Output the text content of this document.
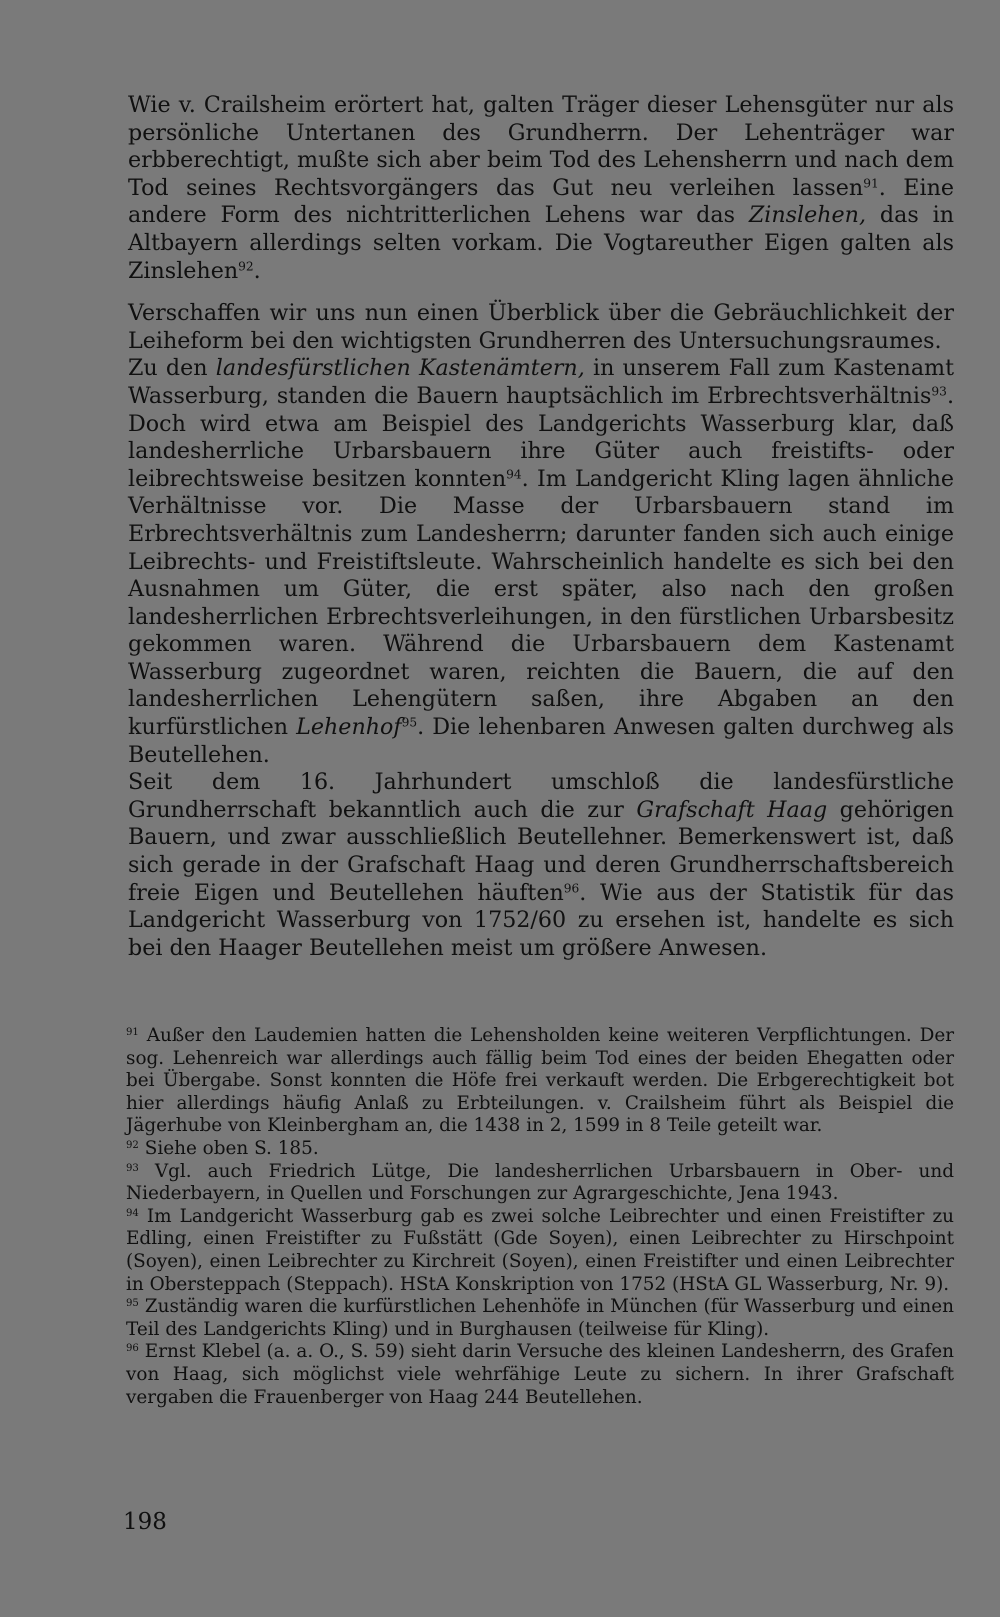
Wie v. Crailsheim erörtert hat, galten Träger dieser Lehensgüter nur als persönliche Untertanen des Grundherrn. Der Lehenträger war erbberechtigt, mußte sich aber beim Tod des Lehensherrn und nach dem Tod seines Rechtsvorgängers das Gut neu verleihen lassen$^{91}$. Eine andere Form des nichtritterlichen Lehens war das Zinslehen, das in Altbayern allerdings selten vorkam. Die Vogtareuther Eigen galten als Zinslehen$^{92}$.

Verschaffen wir uns nun einen Überblick über die Gebräuchlichkeit der Leiheform bei den wichtigsten Grundherren des Untersuchungsraumes.

Zu den landesfürstlichen Kastenämtern, in unserem Fall zum Kastenamt Wasserburg, standen die Bauern hauptsächlich im Erbrechtsverhältnis$^{93}$. Doch wird etwa am Beispiel des Landgerichts Wasserburg klar, daß landesherrliche Urbarsbauern ihre Güter auch freistifts- oder leibrechtsweise besitzen konnten$^{94}$. Im Landgericht Kling lagen ähnliche Verhältnisse vor. Die Masse der Urbarsbauern stand im Erbrechtsverhältnis zum Landesherrn; darunter fanden sich auch einige Leibrechts- und Freistiftsleute. Wahrscheinlich handelte es sich bei den Ausnahmen um Güter, die erst später, also nach den großen landesherrlichen Erbrechtsverleihungen, in den fürstlichen Urbarsbesitz gekommen waren. Während die Urbarsbauern dem Kastenamt Wasserburg zugeordnet waren, reichten die Bauern, die auf den landesherrlichen Lehengütern saßen, ihre Abgaben an den kurfürstlichen Lehenhof$^{95}$. Die lehenbaren Anwesen galten durchweg als Beutellehen.

Seit dem 16. Jahrhundert umschloß die landesfürstliche Grundherrschaft bekanntlich auch die zur Grafschaft Haag gehörigen Bauern, und zwar ausschließlich Beutellehner. Bemerkenswert ist, daß sich gerade in der Grafschaft Haag und deren Grundherrschaftsbereich freie Eigen und Beutellehen häuften$^{96}$. Wie aus der Statistik für das Landgericht Wasserburg von 1752/60 zu ersehen ist, handelte es sich bei den Haager Beutellehen meist um größere Anwesen.

$^{91}$ Außer den Laudemien hatten die Lehensholden keine weiteren Verpflichtungen. Der sog. Lehenreich war allerdings auch fällig beim Tod eines der beiden Ehegatten oder bei Übergabe. Sonst konnten die Höfe frei verkauft werden. Die Erbgerechtigkeit bot hier allerdings häufig Anlaß zu Erbteilungen. v. Crailsheim führt als Beispiel die Jägerhube von Kleinbergham an, die 1438 in 2, 1599 in 8 Teile geteilt war.

$^{92}$ Siehe oben S. 185.

$^{93}$ Vgl. auch Friedrich Lütge, Die landesherrlichen Urbarsbauern in Ober- und Niederbayern, in Quellen und Forschungen zur Agrargeschichte, Jena 1943.

$^{94}$ Im Landgericht Wasserburg gab es zwei solche Leibrechter und einen Freistifter zu Edling, einen Freistifter zu Fußstätt (Gde Soyen), einen Leibrechter zu Hirschpoint (Soyen), einen Leibrechter zu Kirchreit (Soyen), einen Freistifter und einen Leibrechter in Obersteppach (Steppach). HStA Konskription von 1752 (HStA GL Wasserburg, Nr. 9).

$^{95}$ Zuständig waren die kurfürstlichen Lehenhöfe in München (für Wasserburg und einen Teil des Landgerichts Kling) und in Burghausen (teilweise für Kling).

$^{96}$ Ernst Klebel (a. a. O., S. 59) sieht darin Versuche des kleinen Landesherrn, des Grafen von Haag, sich möglichst viele wehrfähige Leute zu sichern. In ihrer Grafschaft vergaben die Frauenberger von Haag 244 Beutellehen.

198
